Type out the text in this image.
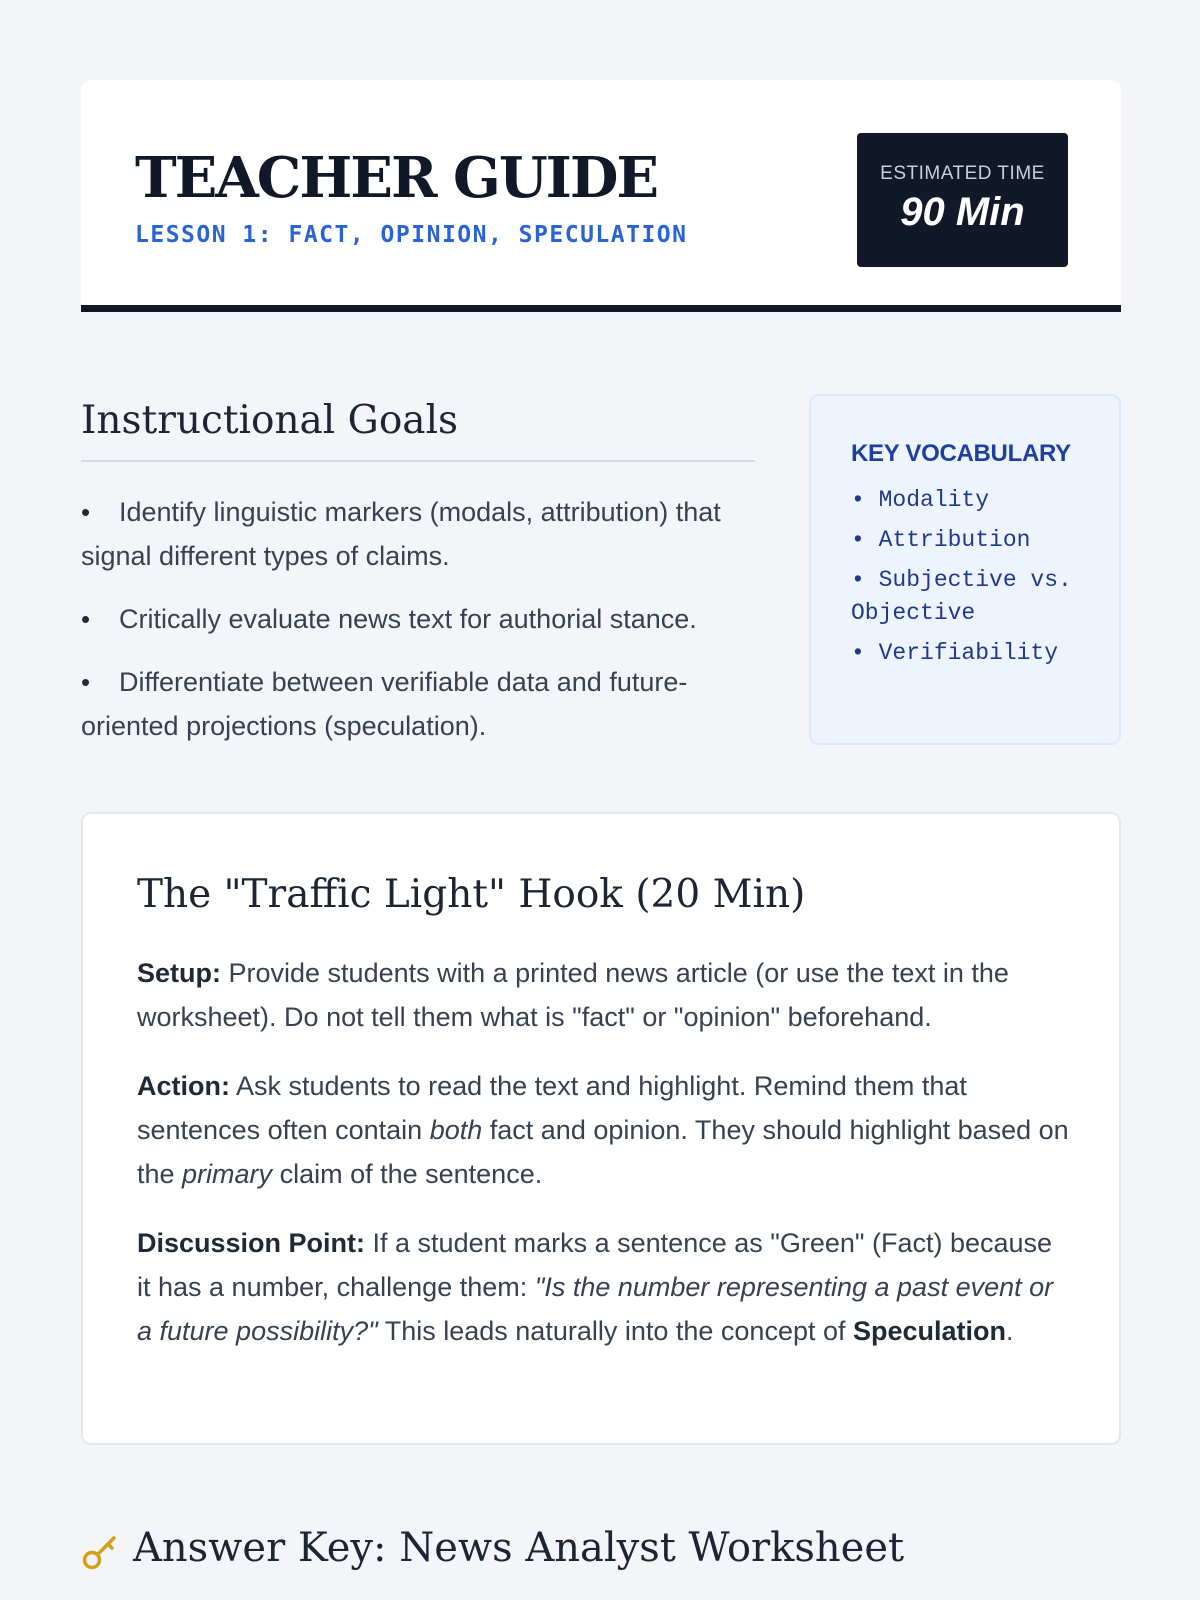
TEACHER GUIDE
LESSON 1: FACT, OPINION, SPECULATION
ESTIMATED TIME
90 Min
Instructional Goals
• Identify linguistic markers (modals, attribution) that signal different types of claims.
• Critically evaluate news text for authorial stance.
• Differentiate between verifiable data and future-oriented projections (speculation).
KEY VOCABULARY
• Modality
• Attribution
• Subjective vs. Objective
• Verifiability
The "Traffic Light" Hook (20 Min)

Setup: Provide students with a printed news article (or use the text in the worksheet). Do not tell them what is "fact" or "opinion" beforehand.

Action: Ask students to read the text and highlight. Remind them that sentences often contain both fact and opinion. They should highlight based on the primary claim of the sentence.

Discussion Point: If a student marks a sentence as "Green" (Fact) because it has a number, challenge them: "Is the number representing a past event or a future possibility?" This leads naturally into the concept of Speculation.

Answer Key: News Analyst Worksheet
